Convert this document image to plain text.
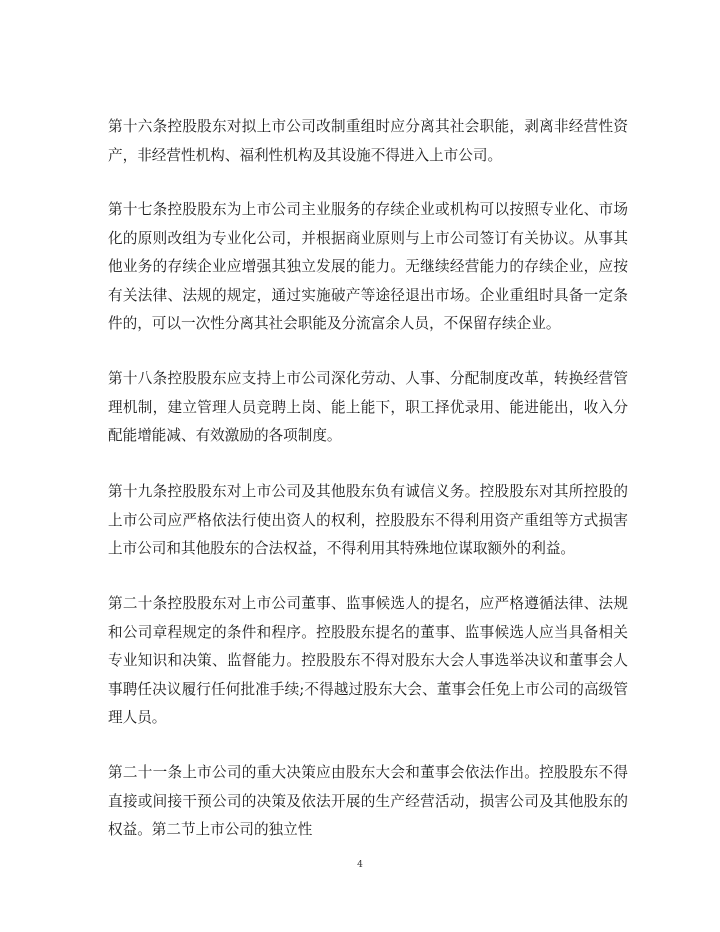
第十六条控股股东对拟上市公司改制重组时应分离其社会职能，剥离非经营性资产，非经营性机构、福利性机构及其设施不得进入上市公司。

第十七条控股股东为上市公司主业服务的存续企业或机构可以按照专业化、市场化的原则改组为专业化公司，并根据商业原则与上市公司签订有关协议。从事其他业务的存续企业应增强其独立发展的能力。无继续经营能力的存续企业，应按有关法律、法规的规定，通过实施破产等途径退出市场。企业重组时具备一定条件的，可以一次性分离其社会职能及分流富余人员，不保留存续企业。

第十八条控股股东应支持上市公司深化劳动、人事、分配制度改革，转换经营管理机制，建立管理人员竞聘上岗、能上能下，职工择优录用、能进能出，收入分配能增能减、有效激励的各项制度。

第十九条控股股东对上市公司及其他股东负有诚信义务。控股股东对其所控股的上市公司应严格依法行使出资人的权利，控股股东不得利用资产重组等方式损害上市公司和其他股东的合法权益，不得利用其特殊地位谋取额外的利益。

第二十条控股股东对上市公司董事、监事候选人的提名，应严格遵循法律、法规和公司章程规定的条件和程序。控股股东提名的董事、监事候选人应当具备相关专业知识和决策、监督能力。控股股东不得对股东大会人事选举决议和董事会人事聘任决议履行任何批准手续;不得越过股东大会、董事会任免上市公司的高级管理人员。

第二十一条上市公司的重大决策应由股东大会和董事会依法作出。控股股东不得直接或间接干预公司的决策及依法开展的生产经营活动，损害公司及其他股东的权益。第二节上市公司的独立性

4
